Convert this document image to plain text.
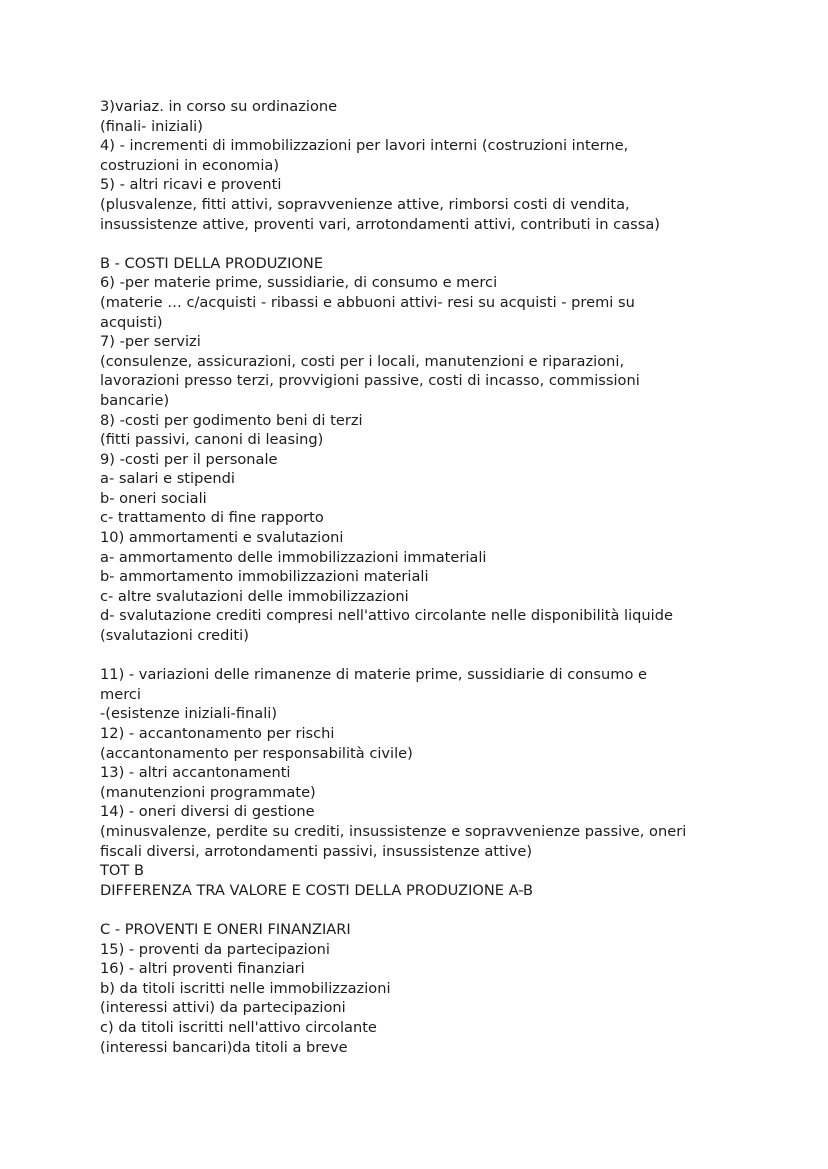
3)variaz. in corso su ordinazione
(finali- iniziali)
4) - incrementi di immobilizzazioni per lavori interni (costruzioni interne,
costruzioni in economia)
5) - altri ricavi e proventi
(plusvalenze, fitti attivi, sopravvenienze attive, rimborsi costi di vendita,
insussistenze attive, proventi vari, arrotondamenti attivi, contributi in cassa)
B - COSTI DELLA PRODUZIONE
6) -per materie prime, sussidiarie, di consumo e merci
(materie … c/acquisti - ribassi e abbuoni attivi- resi su acquisti - premi su
acquisti)
7) -per servizi
(consulenze, assicurazioni, costi per i locali, manutenzioni e riparazioni,
lavorazioni presso terzi, provvigioni passive, costi di incasso, commissioni
bancarie)
8) -costi per godimento beni di terzi
(fitti passivi, canoni di leasing)
9) -costi per il personale
a- salari e stipendi
b- oneri sociali
c- trattamento di fine rapporto
10) ammortamenti e svalutazioni
a- ammortamento delle immobilizzazioni immateriali
b- ammortamento immobilizzazioni materiali
c- altre svalutazioni delle immobilizzazioni
d- svalutazione crediti compresi nell'attivo circolante nelle disponibilità liquide
(svalutazioni crediti)
11) - variazioni delle rimanenze di materie prime, sussidiarie di consumo e
merci
-(esistenze iniziali-finali)
12) - accantonamento per rischi
(accantonamento per responsabilità civile)
13) - altri accantonamenti
(manutenzioni programmate)
14) - oneri diversi di gestione
(minusvalenze, perdite su crediti, insussistenze e sopravvenienze passive, oneri
fiscali diversi, arrotondamenti passivi, insussistenze attive)
TOT B
DIFFERENZA TRA VALORE E COSTI DELLA PRODUZIONE A-B
C - PROVENTI E ONERI FINANZIARI
15) - proventi da partecipazioni
16) - altri proventi finanziari
b) da titoli iscritti nelle immobilizzazioni
(interessi attivi) da partecipazioni
c) da titoli iscritti nell'attivo circolante
(interessi bancari)da titoli a breve
